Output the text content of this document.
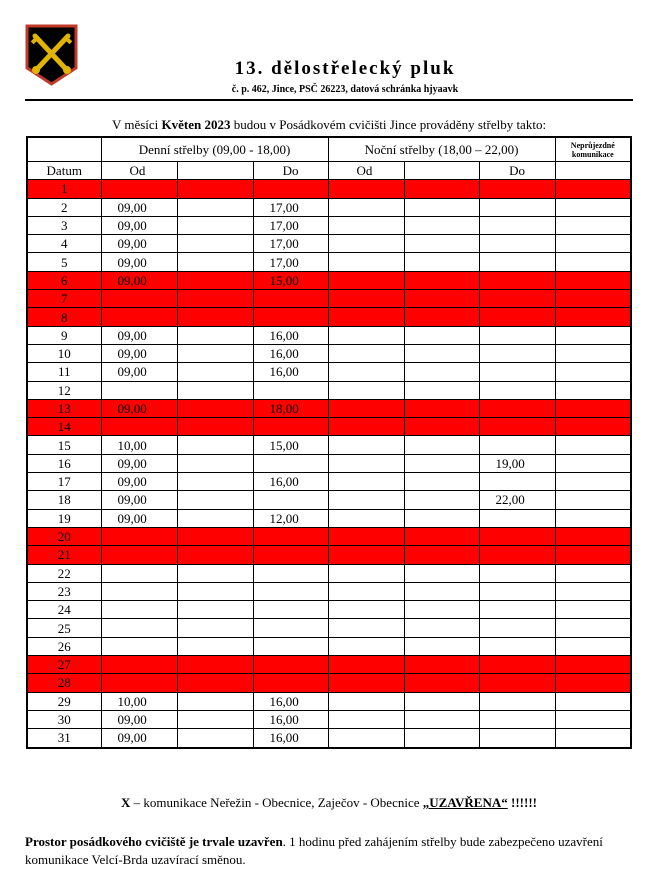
13. dělostřelecký pluk
č. p. 462, Jince, PSČ 26223, datová schránka hjyaavk
V měsíci Květen 2023 budou v Posádkovém cvičišti Jince prováděny střelby takto:
	Denní střelby (09,00 - 18,00)			Noční střelby (18,00 – 22,00)			Neprůjezdné komunikace
Datum	Od		Do	Od		Do	
1							
2	09,00		17,00				
3	09,00		17,00				
4	09,00		17,00				
5	09,00		17,00				
6	09,00		15,00				
7							
8							
9	09,00		16,00				
10	09,00		16,00				
11	09,00		16,00				
12							
13	09,00		18,00				
14							
15	10,00		15,00				
16	09,00					19,00	
17	09,00		16,00				
18	09,00					22,00	
19	09,00		12,00				
20							
21							
22							
23							
24							
25							
26							
27							
28							
29	10,00		16,00				
30	09,00		16,00				
31	09,00		16,00				
X – komunikace Neřežin - Obecnice, Zaječov - Obecnice „UZAVŘENA“ !!!!!!
Prostor posádkového cvičiště je trvale uzavřen. 1 hodinu před zahájením střelby bude zabezpečeno uzavření komunikace Velcí-Brda uzavírací směnou.
